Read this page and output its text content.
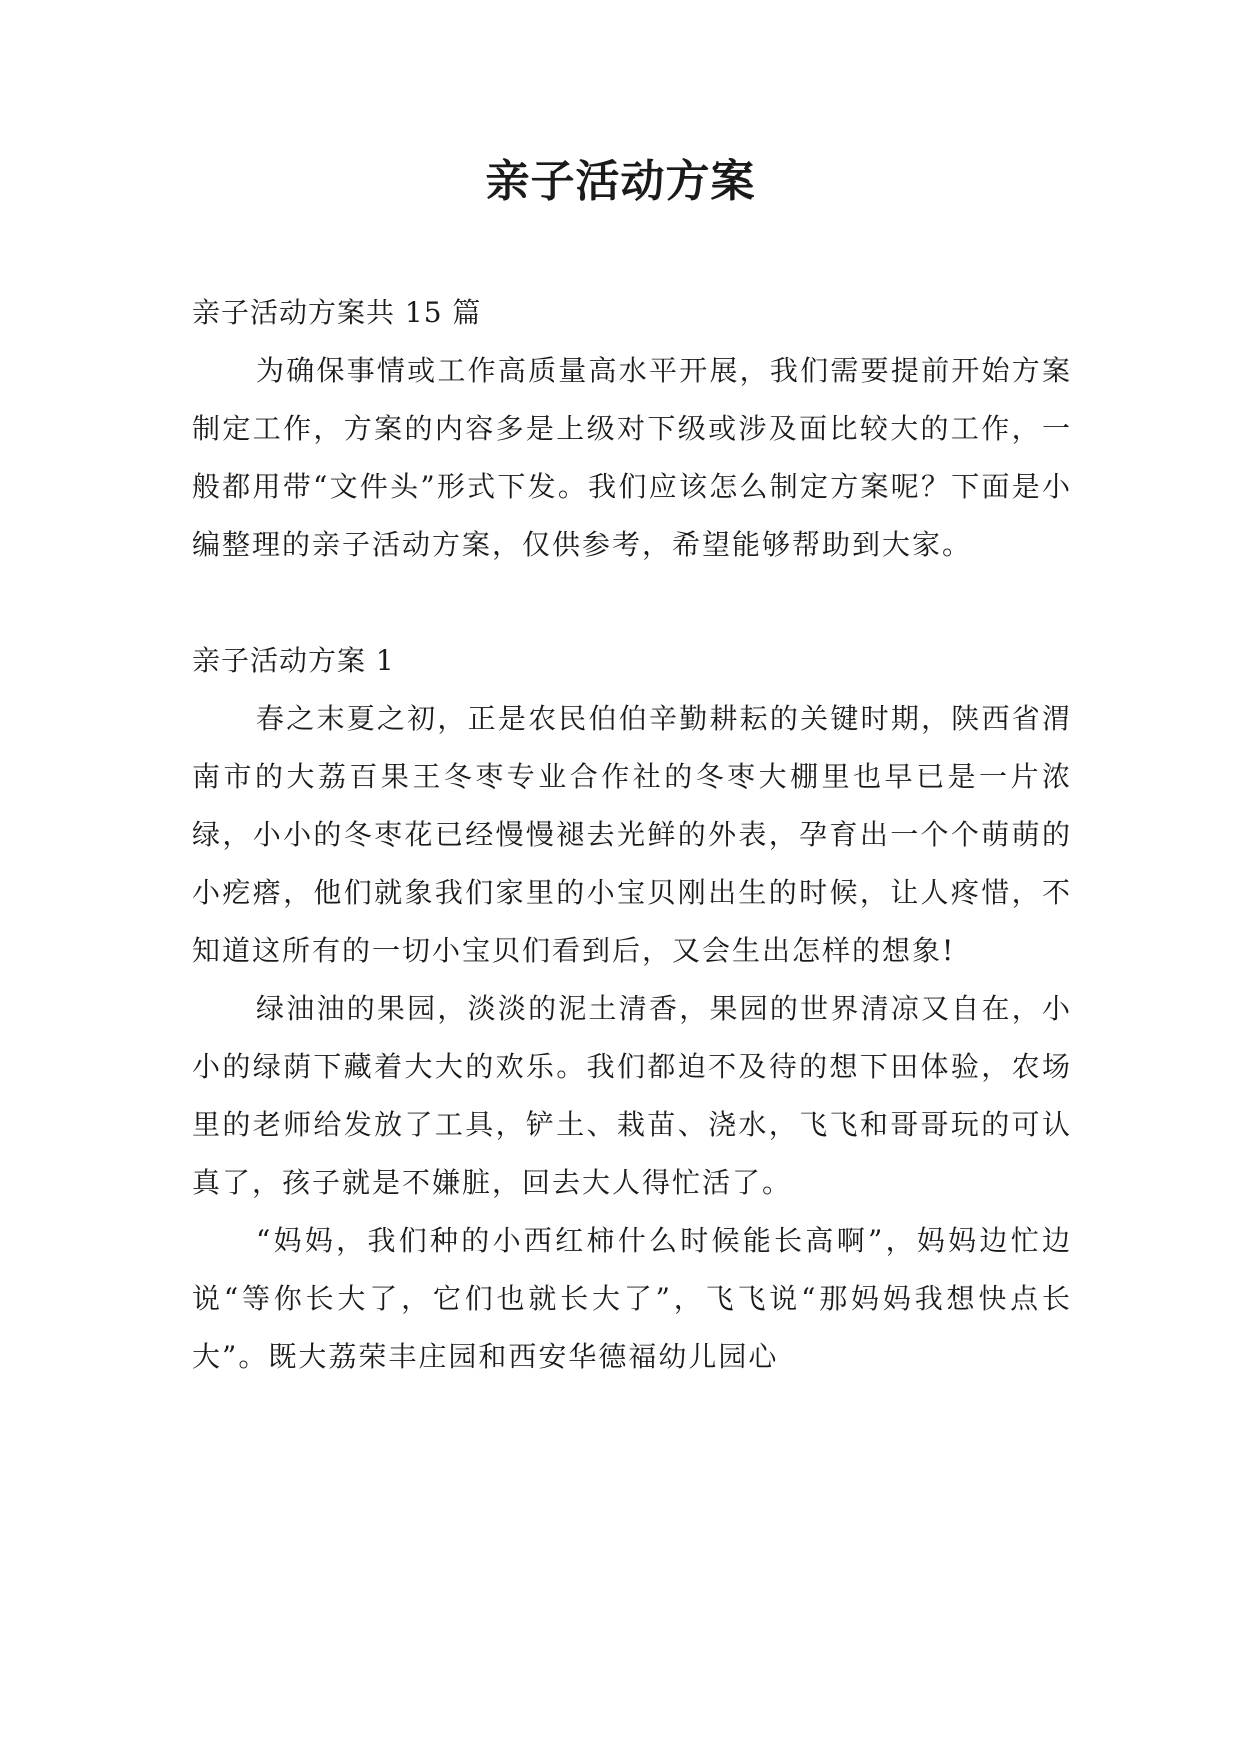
亲子活动方案

亲子活动方案共 15 篇

为确保事情或工作高质量高水平开展，我们需要提前开始方案制定工作，方案的内容多是上级对下级或涉及面比较大的工作，一般都用带“文件头”形式下发。我们应该怎么制定方案呢？下面是小编整理的亲子活动方案，仅供参考，希望能够帮助到大家。

亲子活动方案 1

春之末夏之初，正是农民伯伯辛勤耕耘的关键时期，陕西省渭南市的大荔百果王冬枣专业合作社的冬枣大棚里也早已是一片浓绿，小小的冬枣花已经慢慢褪去光鲜的外表，孕育出一个个萌萌的小疙瘩，他们就象我们家里的小宝贝刚出生的时候，让人疼惜，不知道这所有的一切小宝贝们看到后，又会生出怎样的想象!

绿油油的果园，淡淡的泥土清香，果园的世界清凉又自在，小小的绿荫下藏着大大的欢乐。我们都迫不及待的想下田体验，农场里的老师给发放了工具，铲土、栽苗、浇水，飞飞和哥哥玩的可认真了，孩子就是不嫌脏，回去大人得忙活了。

“妈妈，我们种的小西红柿什么时候能长高啊”，妈妈边忙边说“等你长大了，它们也就长大了”，飞飞说“那妈妈我想快点长大”。既大荔荣丰庄园和西安华德福幼儿园心
